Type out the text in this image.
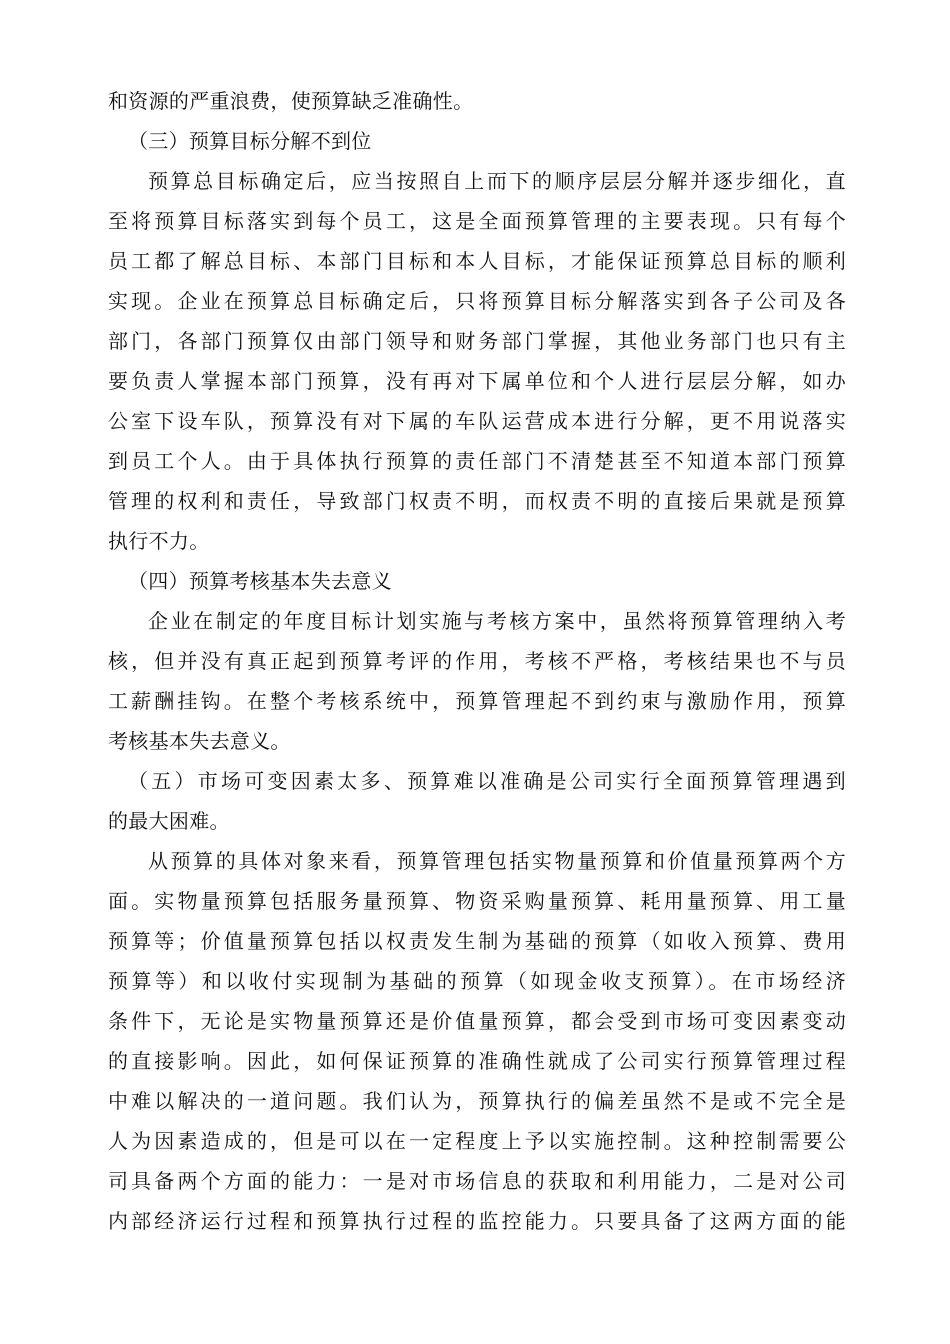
和资源的严重浪费，使预算缺乏准确性。
（三）预算目标分解不到位
预算总目标确定后，应当按照自上而下的顺序层层分解并逐步细化，直
至将预算目标落实到每个员工，这是全面预算管理的主要表现。只有每个
员工都了解总目标、本部门目标和本人目标，才能保证预算总目标的顺利
实现。企业在预算总目标确定后，只将预算目标分解落实到各子公司及各
部门，各部门预算仅由部门领导和财务部门掌握，其他业务部门也只有主
要负责人掌握本部门预算，没有再对下属单位和个人进行层层分解，如办
公室下设车队，预算没有对下属的车队运营成本进行分解，更不用说落实
到员工个人。由于具体执行预算的责任部门不清楚甚至不知道本部门预算
管理的权利和责任，导致部门权责不明，而权责不明的直接后果就是预算
执行不力。
（四）预算考核基本失去意义
企业在制定的年度目标计划实施与考核方案中，虽然将预算管理纳入考
核，但并没有真正起到预算考评的作用，考核不严格，考核结果也不与员
工薪酬挂钩。在整个考核系统中，预算管理起不到约束与激励作用，预算
考核基本失去意义。
（五）市场可变因素太多、预算难以准确是公司实行全面预算管理遇到
的最大困难。
从预算的具体对象来看，预算管理包括实物量预算和价值量预算两个方
面。实物量预算包括服务量预算、物资采购量预算、耗用量预算、用工量
预算等；价值量预算包括以权责发生制为基础的预算（如收入预算、费用
预算等）和以收付实现制为基础的预算（如现金收支预算）。在市场经济
条件下，无论是实物量预算还是价值量预算，都会受到市场可变因素变动
的直接影响。因此，如何保证预算的准确性就成了公司实行预算管理过程
中难以解决的一道问题。我们认为，预算执行的偏差虽然不是或不完全是
人为因素造成的，但是可以在一定程度上予以实施控制。这种控制需要公
司具备两个方面的能力：一是对市场信息的获取和利用能力，二是对公司
内部经济运行过程和预算执行过程的监控能力。只要具备了这两方面的能
